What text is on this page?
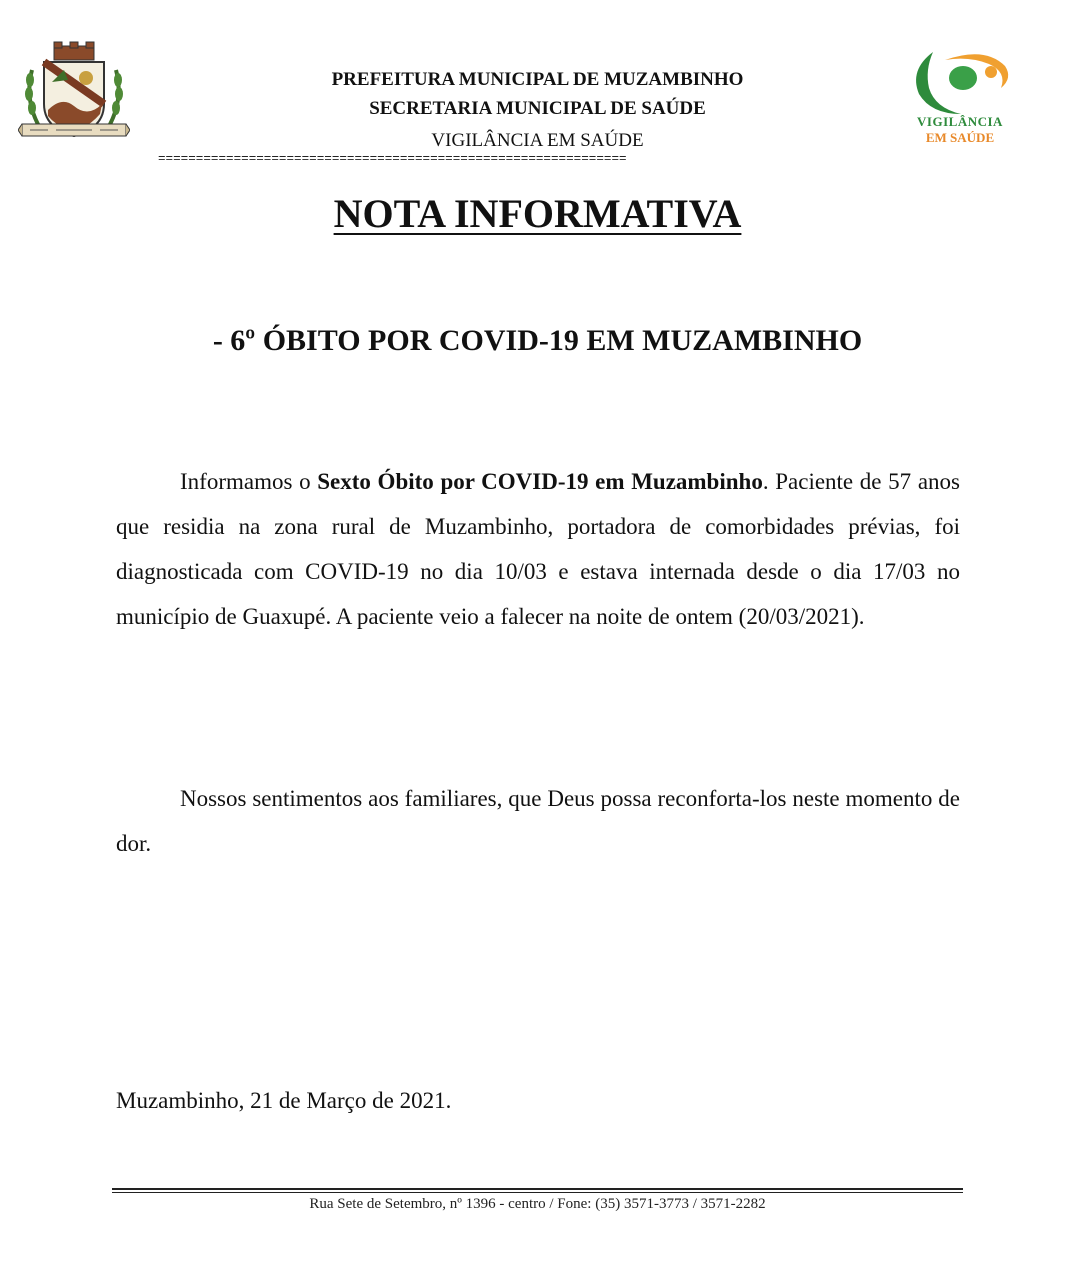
VIGILÂNCIA
EM SAÚDE
PREFEITURA MUNICIPAL DE MUZAMBINHO
SECRETARIA MUNICIPAL DE SAÚDE
VIGILÂNCIA EM SAÚDE
==============================================================
NOTA INFORMATIVA
- 6º ÓBITO POR COVID-19 EM MUZAMBINHO
Informamos o Sexto Óbito por COVID-19 em Muzambinho. Paciente de 57 anos que residia na zona rural de Muzambinho, portadora de comorbidades prévias, foi diagnosticada com COVID-19 no dia 10/03 e estava internada desde o dia 17/03 no município de Guaxupé. A paciente veio a falecer na noite de ontem (20/03/2021).
Nossos sentimentos aos familiares, que Deus possa reconforta-los neste momento de dor.
Muzambinho, 21 de Março de 2021.
Rua Sete de Setembro, nº 1396 - centro / Fone: (35) 3571-3773 / 3571-2282
